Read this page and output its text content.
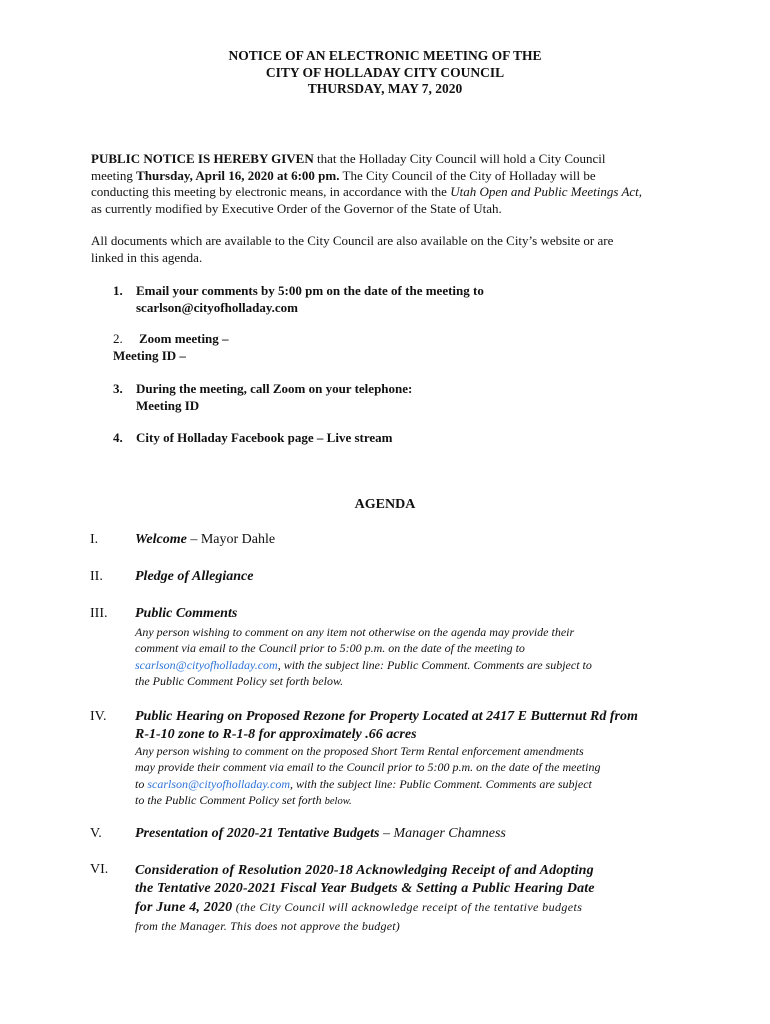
NOTICE OF AN ELECTRONIC MEETING OF THE
CITY OF HOLLADAY CITY COUNCIL
THURSDAY, MAY 7, 2020
PUBLIC NOTICE IS HEREBY GIVEN that the Holladay City Council will hold a City Council
meeting Thursday, April 16, 2020 at 6:00 pm. The City Council of the City of Holladay will be
conducting this meeting by electronic means, in accordance with the Utah Open and Public Meetings Act,
as currently modified by Executive Order of the Governor of the State of Utah.
All documents which are available to the City Council are also available on the City’s website or are
linked in this agenda.
1. Email your comments by 5:00 pm on the date of the meeting to
scarlson@cityofholladay.com
2. Zoom meeting –
Meeting ID –
3. During the meeting, call Zoom on your telephone:
Meeting ID
4. City of Holladay Facebook page – Live stream
AGENDA
I.	Welcome – Mayor Dahle
II. Pledge of Allegiance
III. Public Comments
Any person wishing to comment on any item not otherwise on the agenda may provide their
comment via email to the Council prior to 5:00 p.m. on the date of the meeting to
scarlson@cityofholladay.com, with the subject line: Public Comment. Comments are subject to
the Public Comment Policy set forth below.
IV. Public Hearing on Proposed Rezone for Property Located at 2417 E Butternut Rd from
R-1-10 zone to R-1-8 for approximately .66 acres
Any person wishing to comment on the proposed Short Term Rental enforcement amendments
may provide their comment via email to the Council prior to 5:00 p.m. on the date of the meeting
to scarlson@cityofholladay.com, with the subject line: Public Comment. Comments are subject
to the Public Comment Policy set forth below.
V. Presentation of 2020-21 Tentative Budgets – Manager Chamness
VI. Consideration of Resolution 2020-18 Acknowledging Receipt of and Adopting
the Tentative 2020-2021 Fiscal Year Budgets & Setting a Public Hearing Date
for June 4, 2020 (the City Council will acknowledge receipt of the tentative budgets
from the Manager. This does not approve the budget)
